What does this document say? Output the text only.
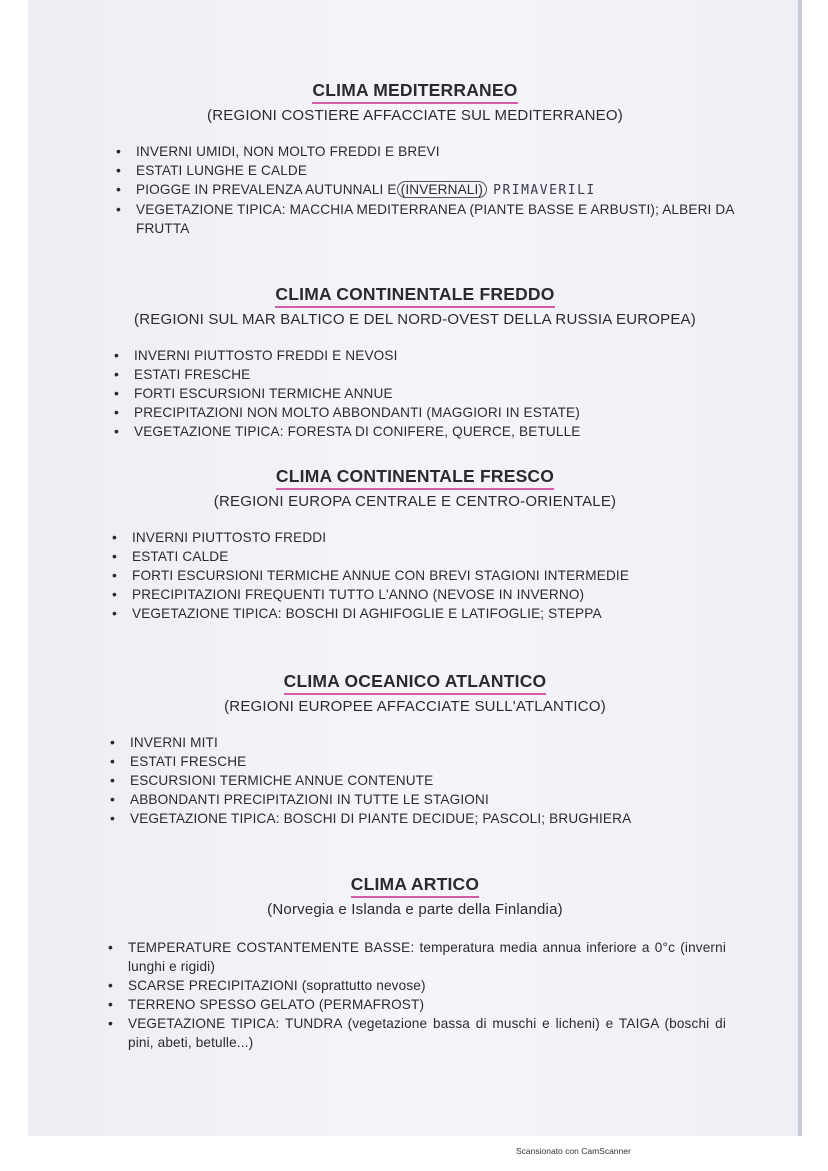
CLIMA MEDITERRANEO

(REGIONI COSTIERE AFFACCIATE SUL MEDITERRANEO)

• INVERNI UMIDI, NON MOLTO FREDDI E BREVI
• ESTATI LUNGHE E CALDE
• PIOGGE IN PREVALENZA AUTUNNALI E (INVERNALI) PRIMAVERILI
• VEGETAZIONE TIPICA: MACCHIA MEDITERRANEA (PIANTE BASSE E ARBUSTI); ALBERI DA FRUTTA
CLIMA CONTINENTALE FREDDO

(REGIONI SUL MAR BALTICO E DEL NORD-OVEST DELLA RUSSIA EUROPEA)

• INVERNI PIUTTOSTO FREDDI E NEVOSI
• ESTATI FRESCHE
• FORTI ESCURSIONI TERMICHE ANNUE
• PRECIPITAZIONI NON MOLTO ABBONDANTI (MAGGIORI IN ESTATE)
• VEGETAZIONE TIPICA: FORESTA DI CONIFERE, QUERCE, BETULLE
CLIMA CONTINENTALE FRESCO

(REGIONI EUROPA CENTRALE E CENTRO-ORIENTALE)

• INVERNI PIUTTOSTO FREDDI
• ESTATI CALDE
• FORTI ESCURSIONI TERMICHE ANNUE CON BREVI STAGIONI INTERMEDIE
• PRECIPITAZIONI FREQUENTI TUTTO L'ANNO (NEVOSE IN INVERNO)
• VEGETAZIONE TIPICA: BOSCHI DI AGHIFOGLIE E LATIFOGLIE; STEPPA
CLIMA OCEANICO ATLANTICO

(REGIONI EUROPEE AFFACCIATE SULL'ATLANTICO)

• INVERNI MITI
• ESTATI FRESCHE
• ESCURSIONI TERMICHE ANNUE CONTENUTE
• ABBONDANTI PRECIPITAZIONI IN TUTTE LE STAGIONI
• VEGETAZIONE TIPICA: BOSCHI DI PIANTE DECIDUE; PASCOLI; BRUGHIERA
CLIMA ARTICO

(Norvegia e Islanda e parte della Finlandia)

• TEMPERATURE COSTANTEMENTE BASSE: temperatura media annua inferiore a 0°c (inverni lunghi e rigidi)
• SCARSE PRECIPITAZIONI (soprattutto nevose)
• TERRENO SPESSO GELATO (PERMAFROST)
• VEGETAZIONE TIPICA: TUNDRA (vegetazione bassa di muschi e licheni) e TAIGA (boschi di pini, abeti, betulle...)
Scansionato con CamScanner
